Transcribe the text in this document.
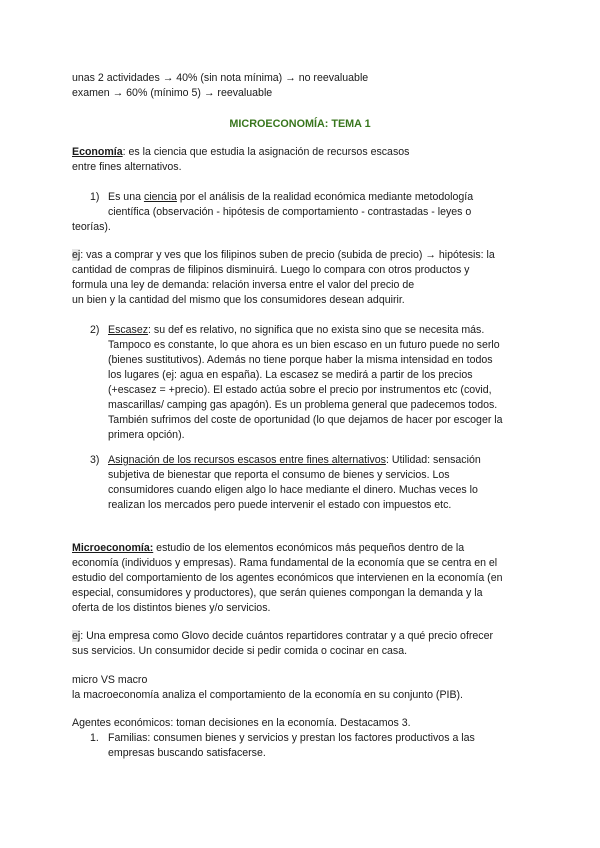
unas 2 actividades → 40% (sin nota mínima) → no reevaluable
examen → 60% (mínimo 5) → reevaluable
MICROECONOMÍA: TEMA 1
Economía: es la ciencia que estudia la asignación de recursos escasos
entre fines alternativos.
1) Es una ciencia por el análisis de la realidad económica mediante metodología
científica (observación - hipótesis de comportamiento - contrastadas - leyes o
teorías).
ej: vas a comprar y ves que los filipinos suben de precio (subida de precio) → hipótesis: la
cantidad de compras de filipinos disminuirá. Luego lo compara con otros productos y
formula una ley de demanda: relación inversa entre el valor del precio de
un bien y la cantidad del mismo que los consumidores desean adquirir.
2) Escasez: su def es relativo, no significa que no exista sino que se necesita más.
Tampoco es constante, lo que ahora es un bien escaso en un futuro puede no serlo
(bienes sustitutivos). Además no tiene porque haber la misma intensidad en todos
los lugares (ej: agua en españa). La escasez se medirá a partir de los precios
(+escasez = +precio). El estado actúa sobre el precio por instrumentos etc (covid,
mascarillas/ camping gas apagón). Es un problema general que padecemos todos.
También sufrimos del coste de oportunidad (lo que dejamos de hacer por escoger la
primera opción).
3) Asignación de los recursos escasos entre fines alternativos: Utilidad: sensación
subjetiva de bienestar que reporta el consumo de bienes y servicios. Los
consumidores cuando eligen algo lo hace mediante el dinero. Muchas veces lo
realizan los mercados pero puede intervenir el estado con impuestos etc.
Microeconomía: estudio de los elementos económicos más pequeños dentro de la
economía (individuos y empresas). Rama fundamental de la economía que se centra en el
estudio del comportamiento de los agentes económicos que intervienen en la economía (en
especial, consumidores y productores), que serán quienes compongan la demanda y la
oferta de los distintos bienes y/o servicios.
ej: Una empresa como Glovo decide cuántos repartidores contratar y a qué precio ofrecer
sus servicios. Un consumidor decide si pedir comida o cocinar en casa.
micro VS macro
la macroeconomía analiza el comportamiento de la economía en su conjunto (PIB).
Agentes económicos: toman decisiones en la economía. Destacamos 3.
1. Familias: consumen bienes y servicios y prestan los factores productivos a las
empresas buscando satisfacerse.
